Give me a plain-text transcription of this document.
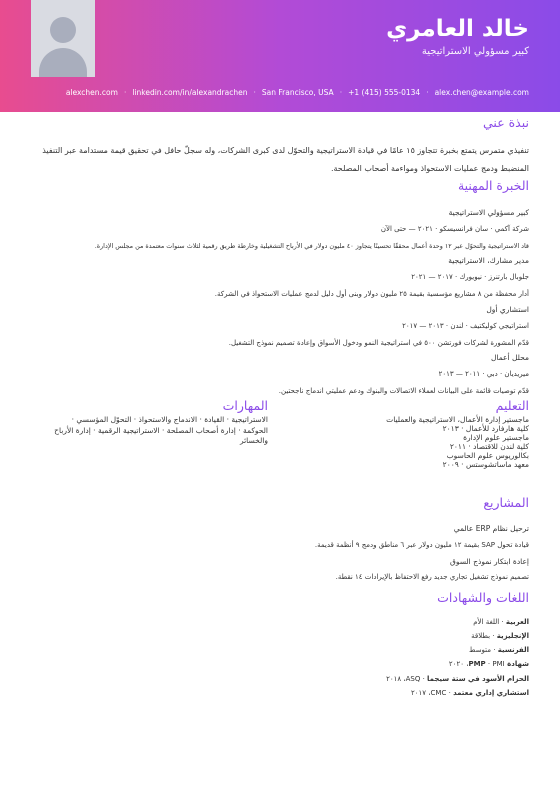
خالد العامري
كبير مسؤولي الاستراتيجية
alex.chen@example.com
·
+1 (415) 555-0134
·
San Francisco, USA
·
linkedin.com/in/alexandrachen
·
alexchen.com
نبذة عني
تنفيذي متمرس يتمتع بخبرة تتجاوز ١٥ عامًا في قيادة الاستراتيجية والتحوّل لدى كبرى الشركات، وله سجلّ حافل في تحقيق قيمة مستدامة عبر التنفيذ المنضبط ودمج عمليات الاستحواذ ومواءمة أصحاب المصلحة.
الخبرة المهنية
كبير مسؤولي الاستراتيجية
شركة آكمي · سان فرانسيسكو · ٢٠٢١ — حتى الآن
قاد الاستراتيجية والتحوّل عبر ١٢ وحدة أعمال محققًا تحسينًا يتجاوز ٤٠ مليون دولار في الأرباح التشغيلية وخارطة طريق رقمية لثلاث سنوات معتمدة من مجلس الإدارة.
مدير مشارك، الاستراتيجية
جلوبال بارتنرز · نيويورك · ٢٠١٧ — ٢٠٢١
أدار محفظة من ٨ مشاريع مؤسسية بقيمة ٢٥ مليون دولار وبنى أول دليل لدمج عمليات الاستحواذ في الشركة.
استشاري أول
استراتيجي كوليكتيف · لندن · ٢٠١٣ — ٢٠١٧
قدّم المشورة لشركات فورتشن ٥٠٠ في استراتيجية النمو ودخول الأسواق وإعادة تصميم نموذج التشغيل.
محلل أعمال
ميريديان · دبي · ٢٠١١ — ٢٠١٣
قدّم توصيات قائمة على البيانات لعملاء الاتصالات والبنوك ودعم عمليتي اندماج ناجحتين.
التعليم
ماجستير إدارة الأعمال، الاستراتيجية والعمليات
كلية هارفارد للأعمال · ٢٠١٣
ماجستير علوم الإدارة
كلية لندن للاقتصاد · ٢٠١١
بكالوريوس علوم الحاسوب
معهد ماساتشوستس · ٢٠٠٩
المهارات
الاستراتيجية · القيادة · الاندماج والاستحواذ · التحوّل المؤسسي · الحوكمة · إدارة أصحاب المصلحة · الاستراتيجية الرقمية · إدارة الأرباح والخسائر
المشاريع
ترحيل نظام ERP عالمي
قيادة تحول SAP بقيمة ١٢ مليون دولار عبر ٦ مناطق ودمج ٩ أنظمة قديمة.
إعادة ابتكار نموذج السوق
تصميم نموذج تشغيل تجاري جديد رفع الاحتفاظ بالإيرادات ١٤ نقطة.
اللغات والشهادات
العربية · اللغة الأم
الإنجليزية · بطلاقة
الفرنسية · متوسط
شهادة PMP · PMI، ٢٠٢٠
الحزام الأسود في ستة سيجما · ASQ، ٢٠١٨
استشاري إداري معتمد · CMC، ٢٠١٧
